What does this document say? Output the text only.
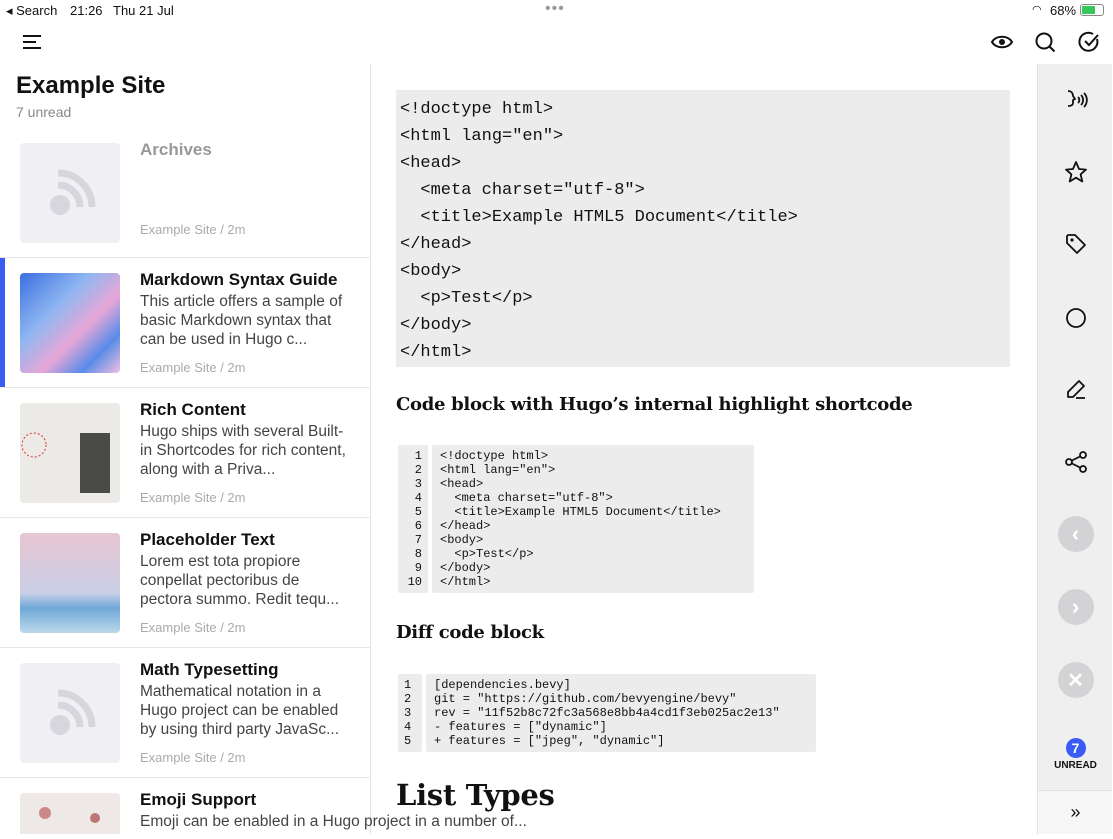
◂ Search 21:26 Thu 21 Jul	•••	◠ 68%
Example Site
7 unread
Archives
Example Site / 2m
Markdown Syntax Guide
This article offers a sample of basic Markdown syntax that can be used in Hugo c...
Example Site / 2m
Rich Content
Hugo ships with several Built-in Shortcodes for rich content, along with a Priva...
Example Site / 2m
Placeholder Text
Lorem est tota propiore conpellat pectoribus de pectora summo. Redit tequ...
Example Site / 2m
Math Typesetting
Mathematical notation in a Hugo project can be enabled by using third party JavaSc...
Example Site / 2m
Emoji Support
Emoji can be enabled in a Hugo project in a number of...
<!doctype html>
<html lang="en">
<head>
<meta charset="utf-8">
<title>Example HTML5 Document</title>
</head>
<body>
<p>Test</p>
</body>
</html>
Code block with Hugo’s internal highlight shortcode
1
2
3
4
5
6
7
8
9
10
<!doctype html>
<html lang="en">
<head>
<meta charset="utf-8">
<title>Example HTML5 Document</title>
</head>
<body>
<p>Test</p>
</body>
</html>
Diff code block
1
2
3
4
5
[dependencies.bevy]
git = "https://github.com/bevyengine/bevy"
rev = "11f52b8c72fc3a568e8bb4a4cd1f3eb025ac2e13"
- features = ["dynamic"]
+ features = ["jpeg", "dynamic"]
List Types
‹
›
✕
7
UNREAD
»
